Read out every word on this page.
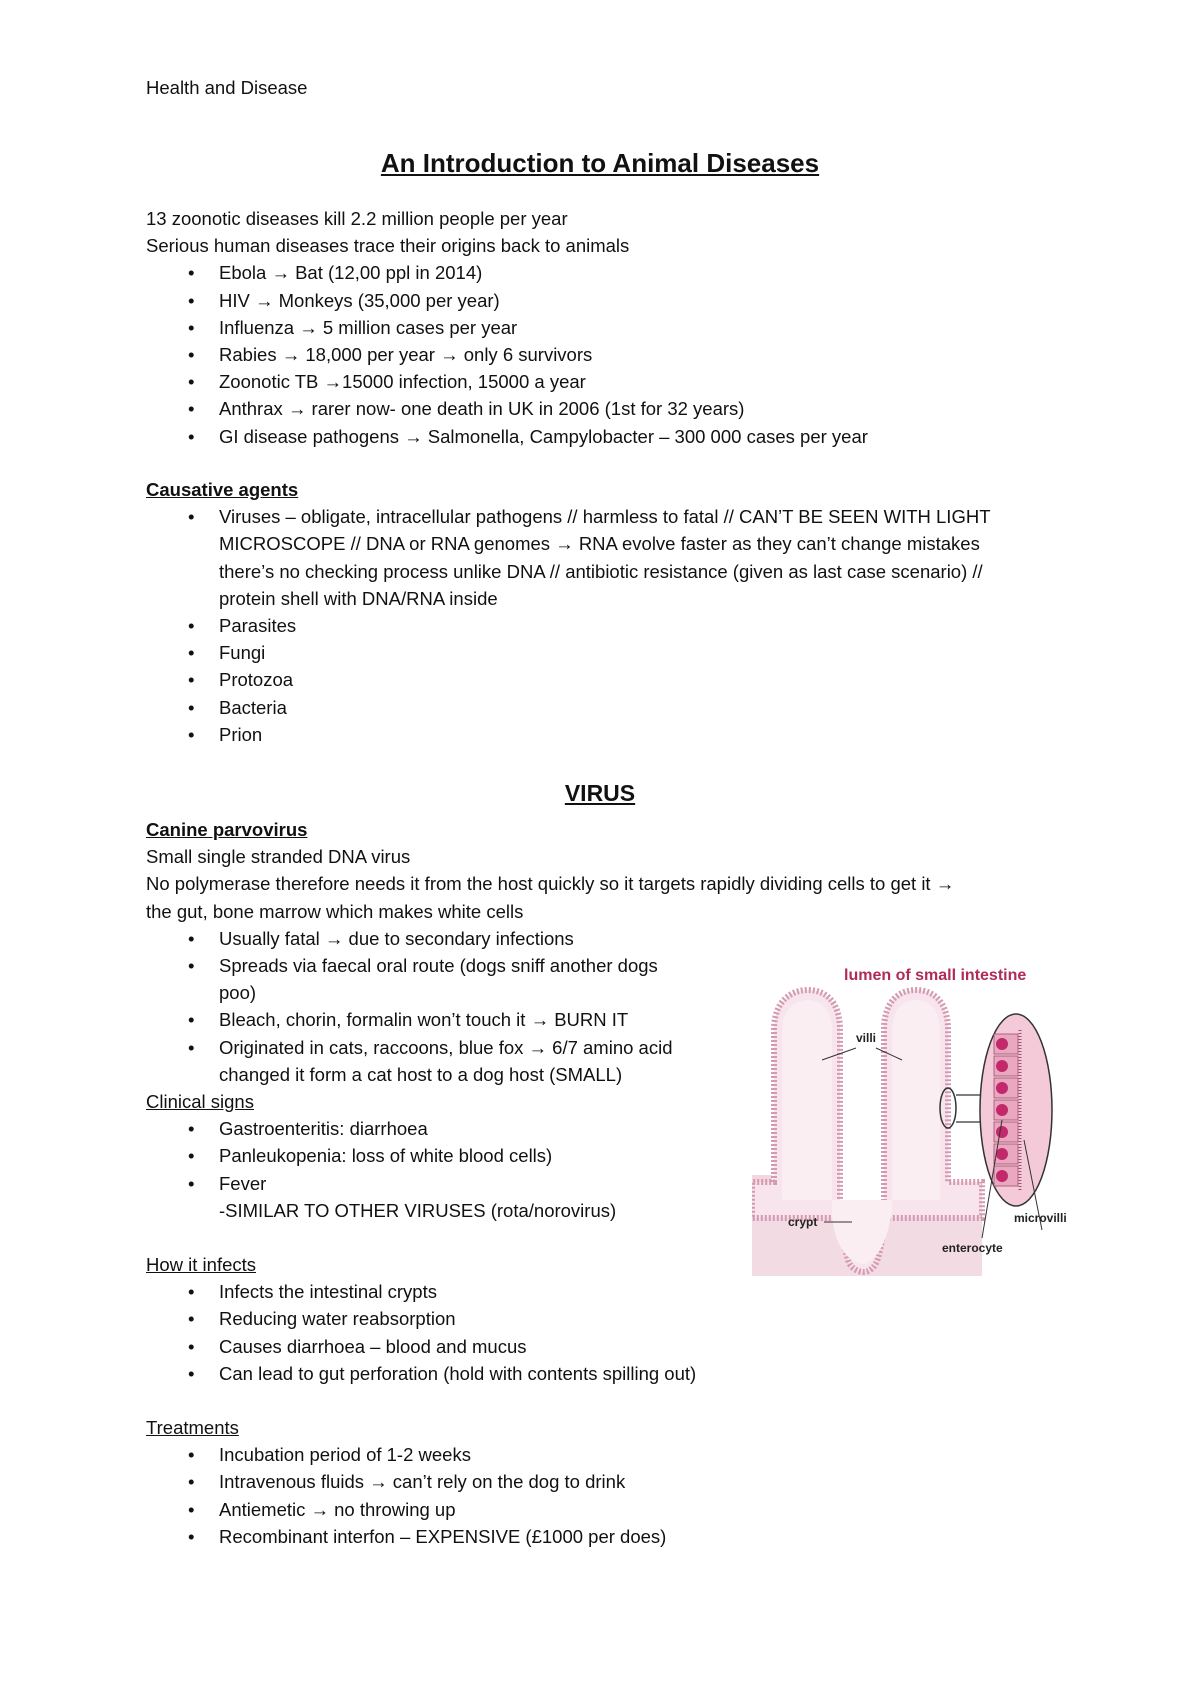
Health and Disease
An Introduction to Animal Diseases
13 zoonotic diseases kill 2.2 million people per year
Serious human diseases trace their origins back to animals
• Ebola → Bat (12,00 ppl in 2014)
• HIV → Monkeys (35,000 per year)
• Influenza → 5 million cases per year
• Rabies → 18,000 per year → only 6 survivors
• Zoonotic TB →15000 infection, 15000 a year
• Anthrax → rarer now- one death in UK in 2006 (1st for 32 years)
• GI disease pathogens → Salmonella, Campylobacter – 300 000 cases per year
Causative agents
• Viruses – obligate, intracellular pathogens // harmless to fatal // CAN’T BE SEEN WITH LIGHT
MICROSCOPE // DNA or RNA genomes → RNA evolve faster as they can’t change mistakes
there’s no checking process unlike DNA // antibiotic resistance (given as last case scenario) //
protein shell with DNA/RNA inside
• Parasites
• Fungi
• Protozoa
• Bacteria
• Prion
VIRUS
Canine parvovirus
Small single stranded DNA virus
No polymerase therefore needs it from the host quickly so it targets rapidly dividing cells to get it →
the gut, bone marrow which makes white cells
• Usually fatal → due to secondary infections
• Spreads via faecal oral route (dogs sniff another dogs
poo)
• Bleach, chorin, formalin won’t touch it → BURN IT
• Originated in cats, raccoons, blue fox → 6/7 amino acid
changed it form a cat host to a dog host (SMALL)
Clinical signs
• Gastroenteritis: diarrhoea
• Panleukopenia: loss of white blood cells)
• Fever
-SIMILAR TO OTHER VIRUSES (rota/norovirus)
How it infects
• Infects the intestinal crypts
• Reducing water reabsorption
• Causes diarrhoea – blood and mucus
• Can lead to gut perforation (hold with contents spilling out)
Treatments
• Incubation period of 1-2 weeks
• Intravenous fluids → can’t rely on the dog to drink
• Antiemetic → no throwing up
• Recombinant interfon – EXPENSIVE (£1000 per does)
lumen of small intestine
villi
crypt
enterocyte
microvilli
